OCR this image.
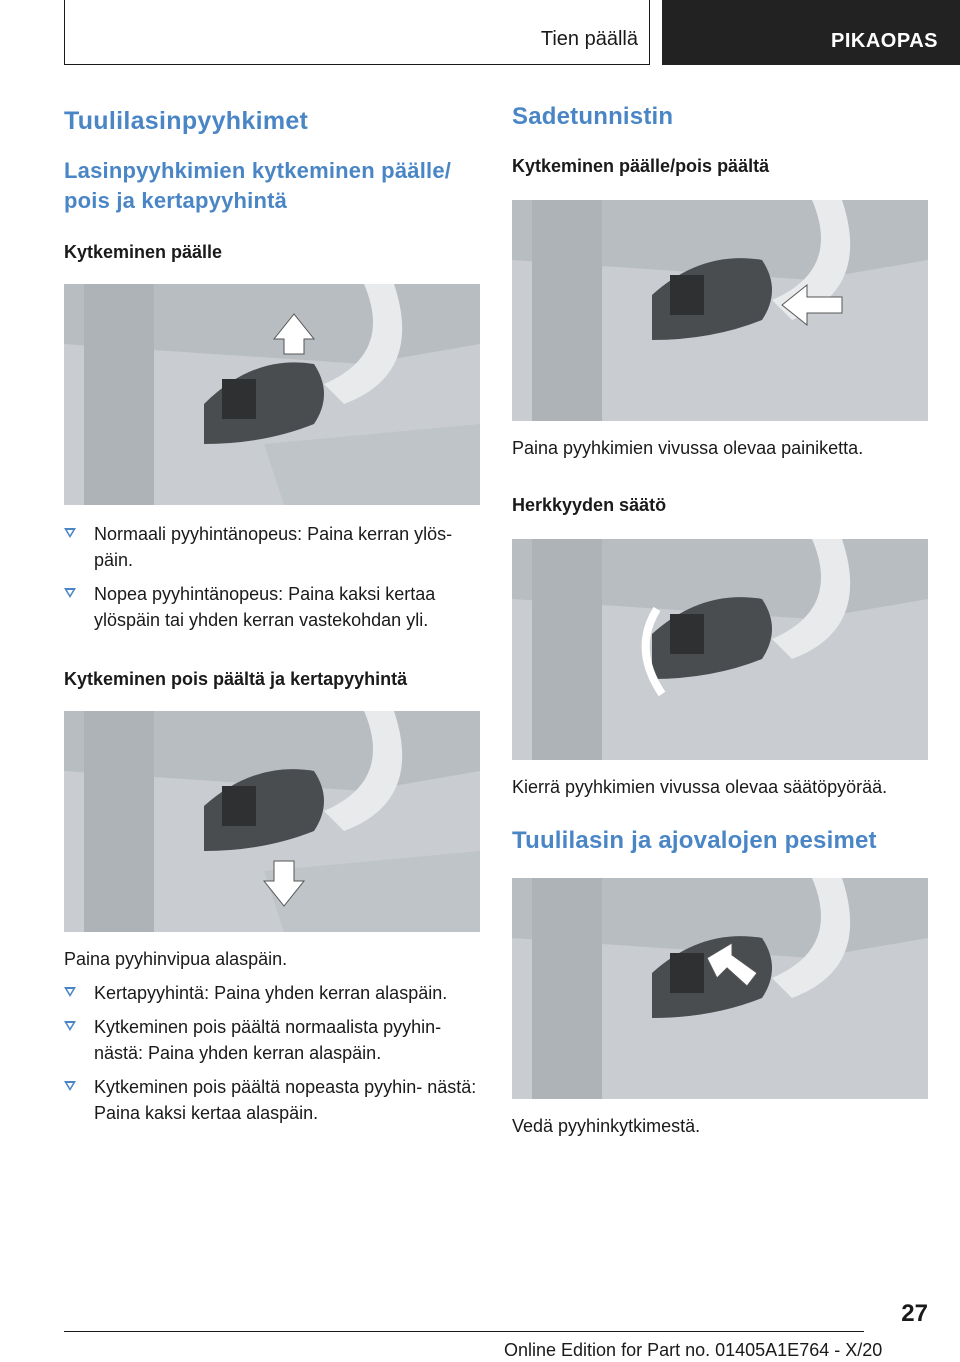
Tien päällä	PIKAOPAS
Tuulilasinpyyhkimet
Lasinpyyhkimien kytkeminen päälle/ pois ja kertapyyhintä
Kytkeminen päälle
Normaali pyyhintänopeus: Paina kerran ylös- päin.
Nopea pyyhintänopeus: Paina kaksi kertaa ylöspäin tai yhden kerran vastekohdan yli.
Kytkeminen pois päältä ja kertapyyhintä
Paina pyyhinvipua alaspäin.
Kertapyyhintä: Paina yhden kerran alaspäin.
Kytkeminen pois päältä normaalista pyyhin- nästä: Paina yhden kerran alaspäin.
Kytkeminen pois päältä nopeasta pyyhin- nästä: Paina kaksi kertaa alaspäin.
Sadetunnistin
Kytkeminen päälle/pois päältä
Paina pyyhkimien vivussa olevaa painiketta.
Herkkyyden säätö
Kierrä pyyhkimien vivussa olevaa säätöpyörää.
Tuulilasin ja ajovalojen pesimet
Vedä pyyhinkytkimestä.
27
Online Edition for Part no. 01405A1E764 - X/20
